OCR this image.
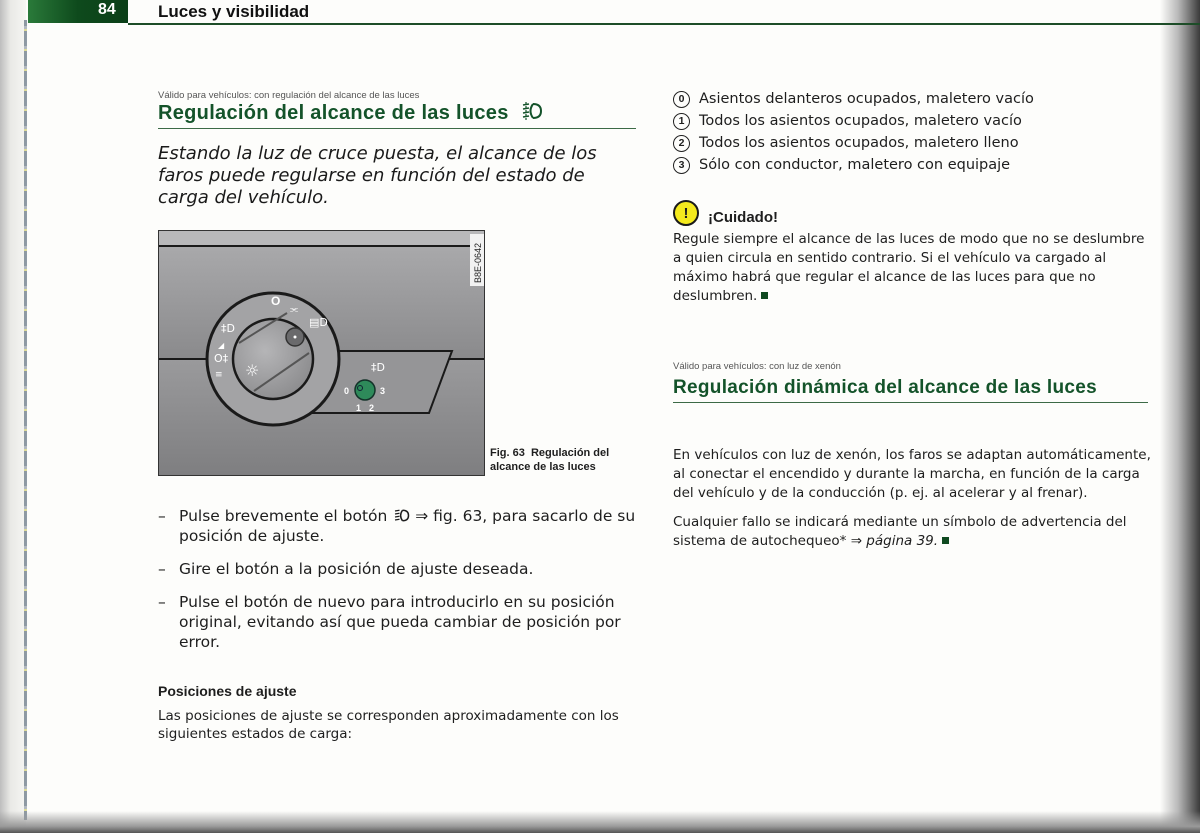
84 Luces y visibilidad
Válido para vehículos: con regulación del alcance de las luces
Regulación del alcance de las luces

Estando la luz de cruce puesta, el alcance de los faros puede regularse en función del estado de carga del vehículo.

O
⫘
▤D
‡D
◢
O‡
≡ ☼	‡D
0
1 2
3
B8E-0642
Fig. 63 Regulación del alcance de las luces
– Pulse brevemente el botón  ⇒ fig. 63, para sacarlo de su posición de ajuste.
– Gire el botón a la posición de ajuste deseada.
– Pulse el botón de nuevo para introducirlo en su posición original, evitando así que pueda cambiar de posición por error.
Posiciones de ajuste

Las posiciones de ajuste se corresponden aproximadamente con los siguientes estados de carga:

0	Asientos delanteros ocupados, maletero vacío
1	Todos los asientos ocupados, maletero vacío
2	Todos los asientos ocupados, maletero lleno
3	Sólo con conductor, maletero con equipaje
!	¡Cuidado!

Regule siempre el alcance de las luces de modo que no se deslumbre a quien circula en sentido contrario. Si el vehículo va cargado al máximo habrá que regular el alcance de las luces para que no deslumbren.

Válido para vehículos: con luz de xenón
Regulación dinámica del alcance de las luces

En vehículos con luz de xenón, los faros se adaptan automáticamente, al conectar el encendido y durante la marcha, en función de la carga del vehículo y de la conducción (p. ej. al acelerar y al frenar).

Cualquier fallo se indicará mediante un símbolo de advertencia del sistema de autochequeo* ⇒ página 39.
